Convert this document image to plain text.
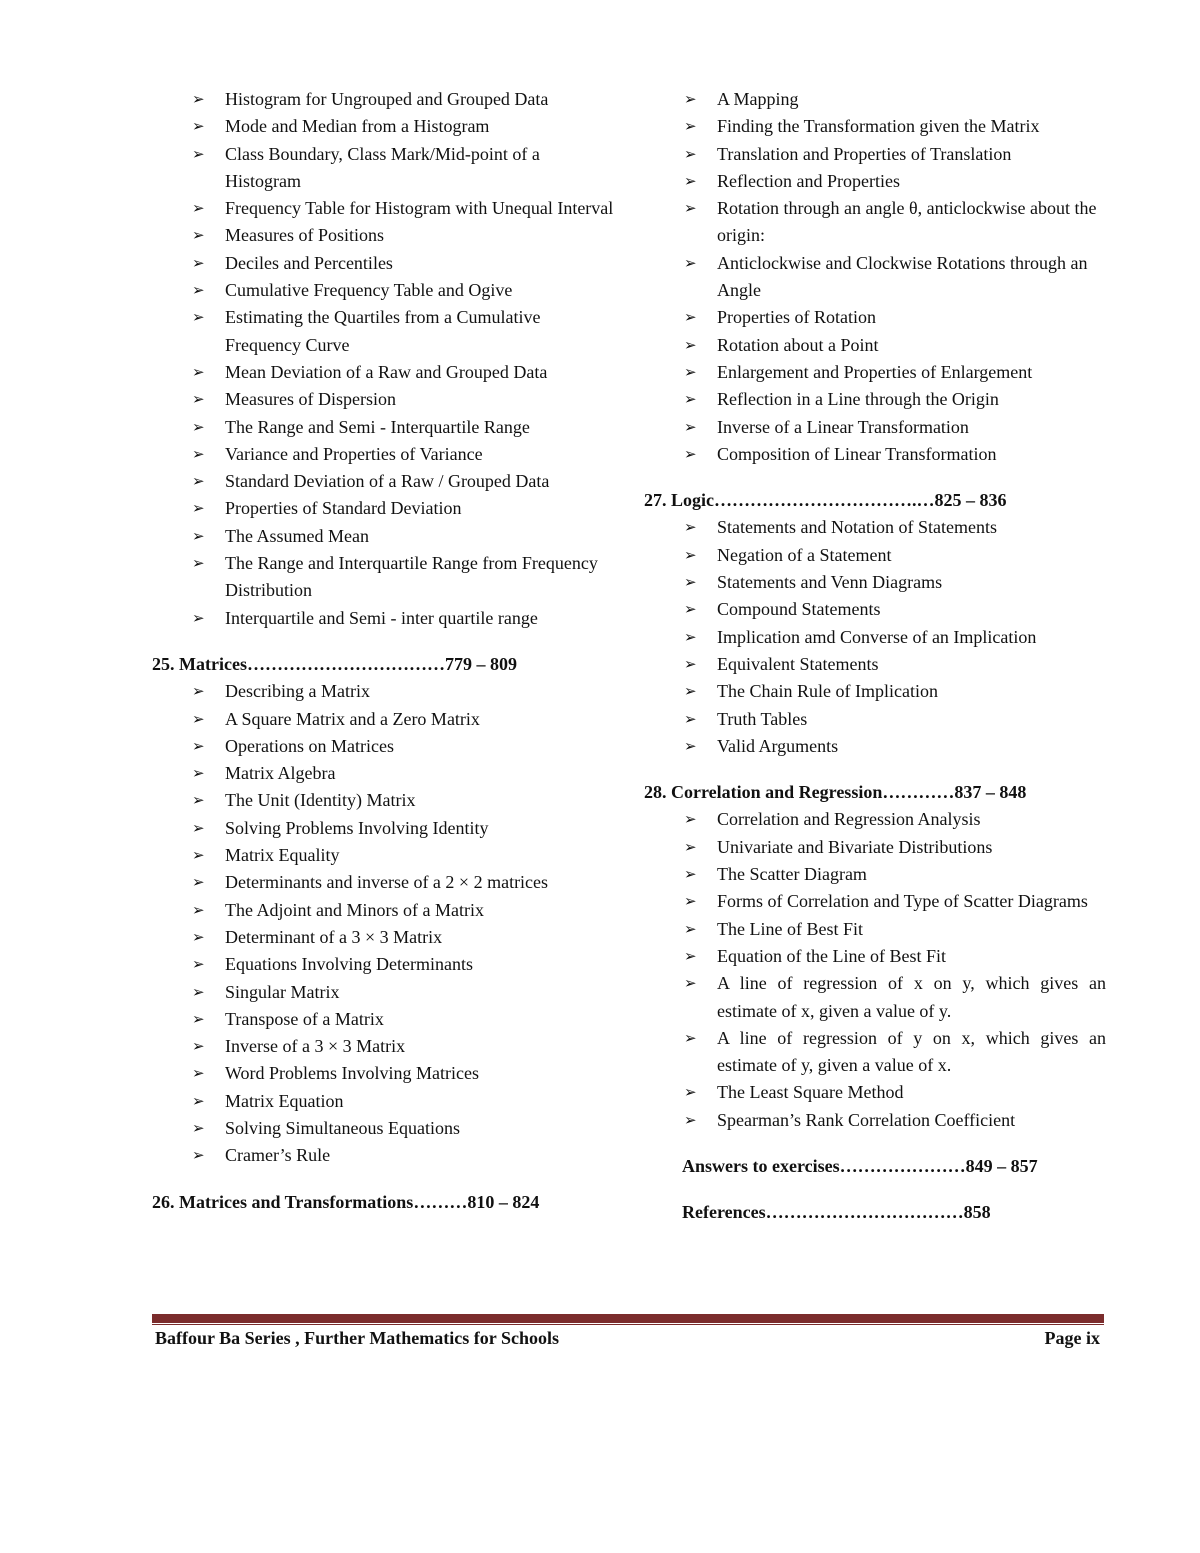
➢ Histogram for Ungrouped and Grouped Data
➢ Mode and Median from a Histogram
➢ Class Boundary, Class Mark/Mid-point of a Histogram
➢ Frequency Table for Histogram with Unequal Interval
➢ Measures of Positions
➢ Deciles and Percentiles
➢ Cumulative Frequency Table and Ogive
➢ Estimating the Quartiles from a Cumulative Frequency Curve
➢ Mean Deviation of a Raw and Grouped Data
➢ Measures of Dispersion
➢ The Range and Semi - Interquartile Range
➢ Variance and Properties of Variance
➢ Standard Deviation of a Raw / Grouped Data
➢ Properties of Standard Deviation
➢ The Assumed Mean
➢ The Range and Interquartile Range from Frequency Distribution
➢ Interquartile and Semi - inter quartile range
25. Matrices……………………………779 – 809
➢ Describing a Matrix
➢ A Square Matrix and a Zero Matrix
➢ Operations on Matrices
➢ Matrix Algebra
➢ The Unit (Identity) Matrix
➢ Solving Problems Involving Identity
➢ Matrix Equality
➢ Determinants and inverse of a 2 × 2 matrices
➢ The Adjoint and Minors of a Matrix
➢ Determinant of a 3 × 3 Matrix
➢ Equations Involving Determinants
➢ Singular Matrix
➢ Transpose of a Matrix
➢ Inverse of a 3 × 3 Matrix
➢ Word Problems Involving Matrices
➢ Matrix Equation
➢ Solving Simultaneous Equations
➢ Cramer’s Rule
26. Matrices and Transformations………810 – 824
➢ A Mapping
➢ Finding the Transformation given the Matrix
➢ Translation and Properties of Translation
➢ Reflection and Properties
➢ Rotation through an angle θ, anticlockwise about the origin:
➢ Anticlockwise and Clockwise Rotations through an Angle
➢ Properties of Rotation
➢ Rotation about a Point
➢ Enlargement and Properties of Enlargement
➢ Reflection in a Line through the Origin
➢ Inverse of a Linear Transformation
➢ Composition of Linear Transformation
27. Logic…………………………….…825 – 836
➢ Statements and Notation of Statements
➢ Negation of a Statement
➢ Statements and Venn Diagrams
➢ Compound Statements
➢ Implication amd Converse of an Implication
➢ Equivalent Statements
➢ The Chain Rule of Implication
➢ Truth Tables
➢ Valid Arguments
28. Correlation and Regression…………837 – 848
➢ Correlation and Regression Analysis
➢ Univariate and Bivariate Distributions
➢ The Scatter Diagram
➢ Forms of Correlation and Type of Scatter Diagrams
➢ The Line of Best Fit
➢ Equation of the Line of Best Fit
➢ A line of regression of x on y, which gives an estimate of x, given a value of y.
➢ A line of regression of y on x, which gives an estimate of y, given a value of x.
➢ The Least Square Method
➢ Spearman’s Rank Correlation Coefficient
Answers to exercises…………………849 – 857
References……………………………858
Baffour Ba Series , Further Mathematics for Schools	Page ix
